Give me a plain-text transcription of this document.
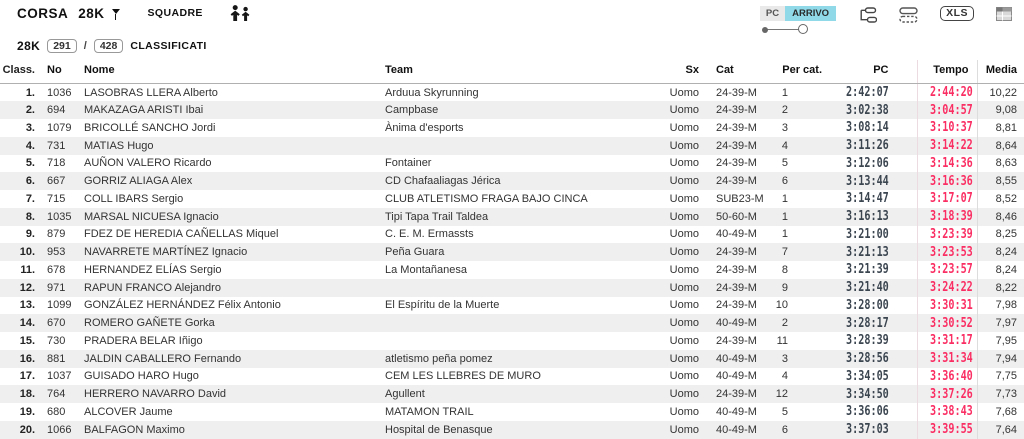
CORSA 28K	SQUADRE	PC	ARRIVO	XLS
28K	291	/	428	CLASSIFICATI
Class.	No	Nome	Team	Sx	Cat	Per cat.	PC	Tempo	Media
1.	1036	LASOBRAS LLERA Alberto	Arduua Skyrunning	Uomo	24-39-M	1	2:42:07	2:44:20	10,22
2.	694	MAKAZAGA ARISTI Ibai	Campbase	Uomo	24-39-M	2	3:02:38	3:04:57	9,08
3.	1079	BRICOLLÉ SANCHO Jordi	Ànima d'esports	Uomo	24-39-M	3	3:08:14	3:10:37	8,81
4.	731	MATIAS Hugo		Uomo	24-39-M	4	3:11:26	3:14:22	8,64
5.	718	AUÑON VALERO Ricardo	Fontainer	Uomo	24-39-M	5	3:12:06	3:14:36	8,63
6.	667	GORRIZ ALIAGA Alex	CD Chafaaliagas Jérica	Uomo	24-39-M	6	3:13:44	3:16:36	8,55
7.	715	COLL IBARS Sergio	CLUB ATLETISMO FRAGA BAJO CINCA	Uomo	SUB23-M	1	3:14:47	3:17:07	8,52
8.	1035	MARSAL NICUESA Ignacio	Tipi Tapa Trail Taldea	Uomo	50-60-M	1	3:16:13	3:18:39	8,46
9.	879	FDEZ DE HEREDIA CAÑELLAS Miquel	C. E. M. Ermassts	Uomo	40-49-M	1	3:21:00	3:23:39	8,25
10.	953	NAVARRETE MARTÍNEZ Ignacio	Peña Guara	Uomo	24-39-M	7	3:21:13	3:23:53	8,24
11.	678	HERNANDEZ ELÍAS Sergio	La Montañanesa	Uomo	24-39-M	8	3:21:39	3:23:57	8,24
12.	971	RAPUN FRANCO Alejandro		Uomo	24-39-M	9	3:21:40	3:24:22	8,22
13.	1099	GONZÁLEZ HERNÁNDEZ Félix Antonio	El Espíritu de la Muerte	Uomo	24-39-M	10	3:28:00	3:30:31	7,98
14.	670	ROMERO GAÑETE Gorka		Uomo	40-49-M	2	3:28:17	3:30:52	7,97
15.	730	PRADERA BELAR Iñigo		Uomo	24-39-M	11	3:28:39	3:31:17	7,95
16.	881	JALDIN CABALLERO Fernando	atletismo peña pomez	Uomo	40-49-M	3	3:28:56	3:31:34	7,94
17.	1037	GUISADO HARO Hugo	CEM LES LLEBRES DE MURO	Uomo	40-49-M	4	3:34:05	3:36:40	7,75
18.	764	HERRERO NAVARRO David	Agullent	Uomo	24-39-M	12	3:34:50	3:37:26	7,73
19.	680	ALCOVER Jaume	MATAMON TRAIL	Uomo	40-49-M	5	3:36:06	3:38:43	7,68
20.	1066	BALFAGON Maximo	Hospital de Benasque	Uomo	40-49-M	6	3:37:03	3:39:55	7,64
